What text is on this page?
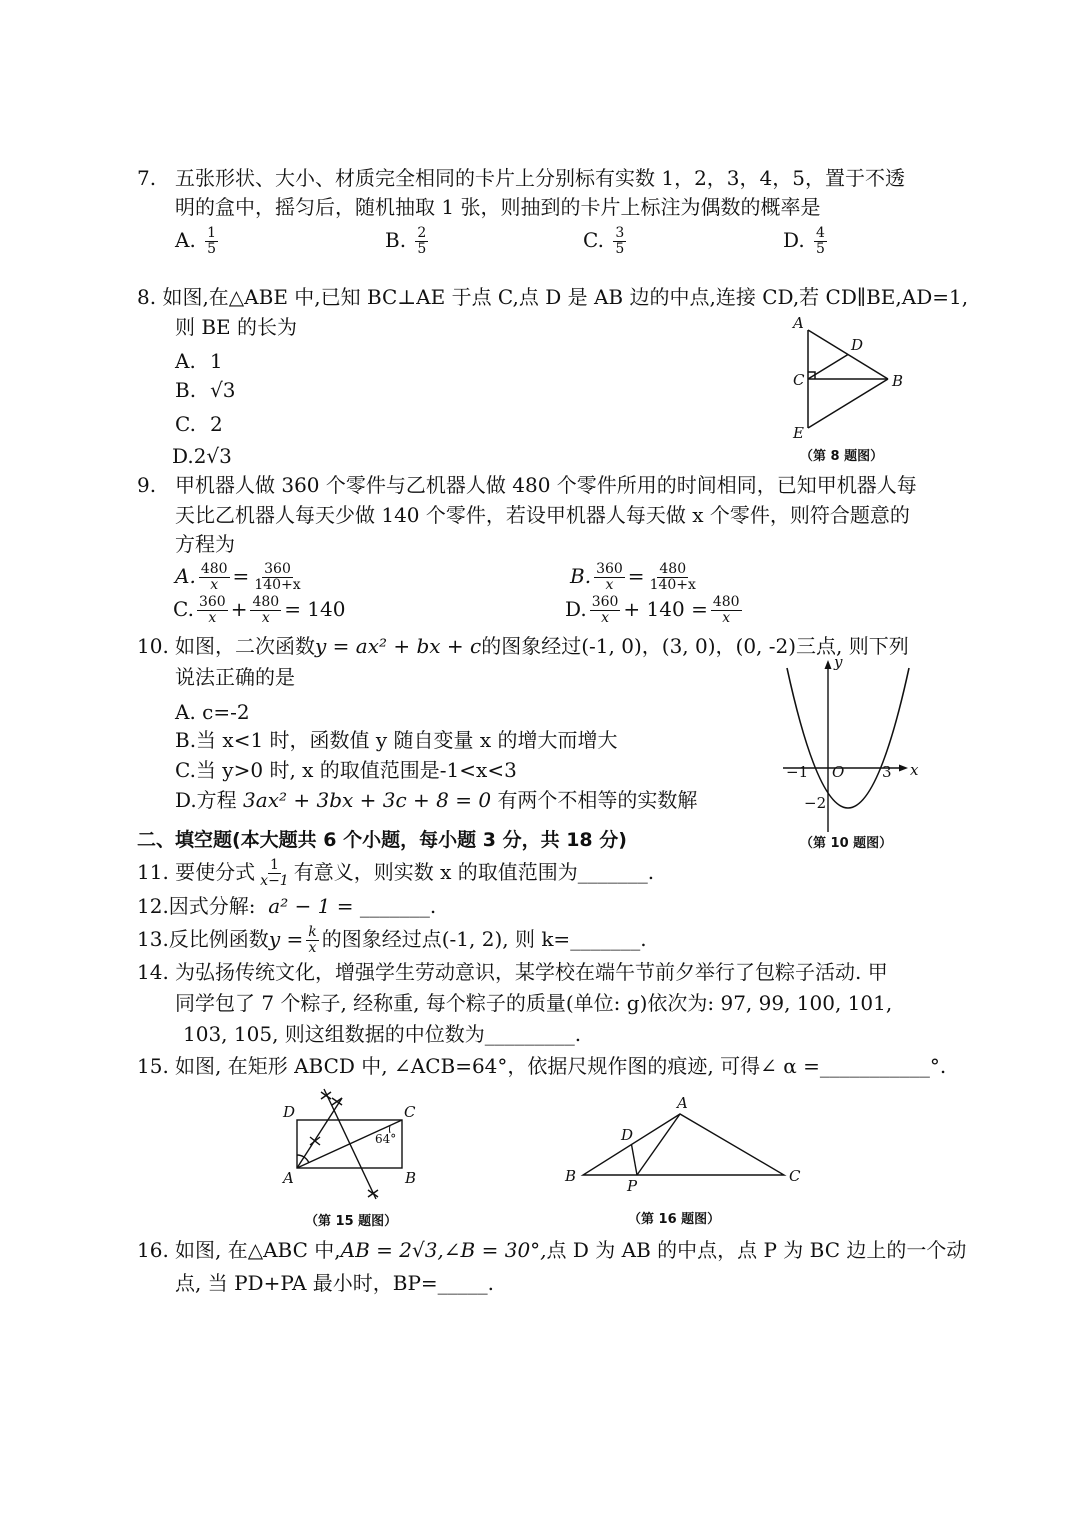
7. 五张形状、大小、材质完全相同的卡片上分别标有实数 1，2，3，4，5，置于不透
明的盒中，摇匀后，随机抽取 1 张，则抽到的卡片上标注为偶数的概率是
A. $\frac{1}{5}$	B. $\frac{2}{5}$	C. $\frac{3}{5}$	D. $\frac{4}{5}$
8. 如图,在△ABE 中,已知 BC⊥AE 于点 C,点 D 是 AB 边的中点,连接 CD,若 CD∥BE,AD=1,
则 BE 的长为
A. 1
B. √3
C. 2
D.2√3
9. 甲机器人做 360 个零件与乙机器人做 480 个零件所用的时间相同，已知甲机器人每
天比乙机器人每天少做 140 个零件，若设甲机器人每天做 x 个零件，则符合题意的
方程为
A. $\frac{480}{x} = \frac{360}{140+x}$	B. $\frac{360}{x} = \frac{480}{140+x}$
C. $\frac{360}{x} + \frac{480}{x} = 140$	D. $\frac{360}{x} + 140 = \frac{480}{x}$
10. 如图，二次函数y = ax² + bx + c的图象经过(-1, 0)，(3, 0)，(0, -2)三点, 则下列
说法正确的是
A. c=-2
B.当 x<1 时，函数值 y 随自变量 x 的增大而增大
C.当 y>0 时, x 的取值范围是-1<x<3
D.方程 3ax² + 3bx + 3c + 8 = 0 有两个不相等的实数解
二、填空题(本大题共 6 个小题，每小题 3 分，共 18 分)
11. 要使分式 $\frac{1}{x-1}$ 有意义，则实数 x 的取值范围为_______.
12.因式分解: a² − 1 = _______.
13.反比例函数$y = \frac{k}{x}$ 的图象经过点(-1, 2), 则 k=_______.
14. 为弘扬传统文化，增强学生劳动意识，某学校在端午节前夕举行了包粽子活动. 甲
同学包了 7 个粽子, 经称重, 每个粽子的质量(单位: g)依次为: 97, 99, 100, 101,
103, 105, 则这组数据的中位数为_________.
15. 如图, 在矩形 ABCD 中, ∠ACB=64°，依据尺规作图的痕迹, 可得∠ α =___________°.
16. 如图, 在△ABC 中,AB = 2√3,∠B = 30°,点 D 为 AB 的中点，点 P 为 BC 边上的一个动
点, 当 PD+PA 最小时，BP=_____.
A
D
C	B
E
（第 8 题图）
y
x
O
−1	3
−2
（第 10 题图）
D	C
A	B
64°
（第 15 题图）
A
D
B
P
C
（第 16 题图）
